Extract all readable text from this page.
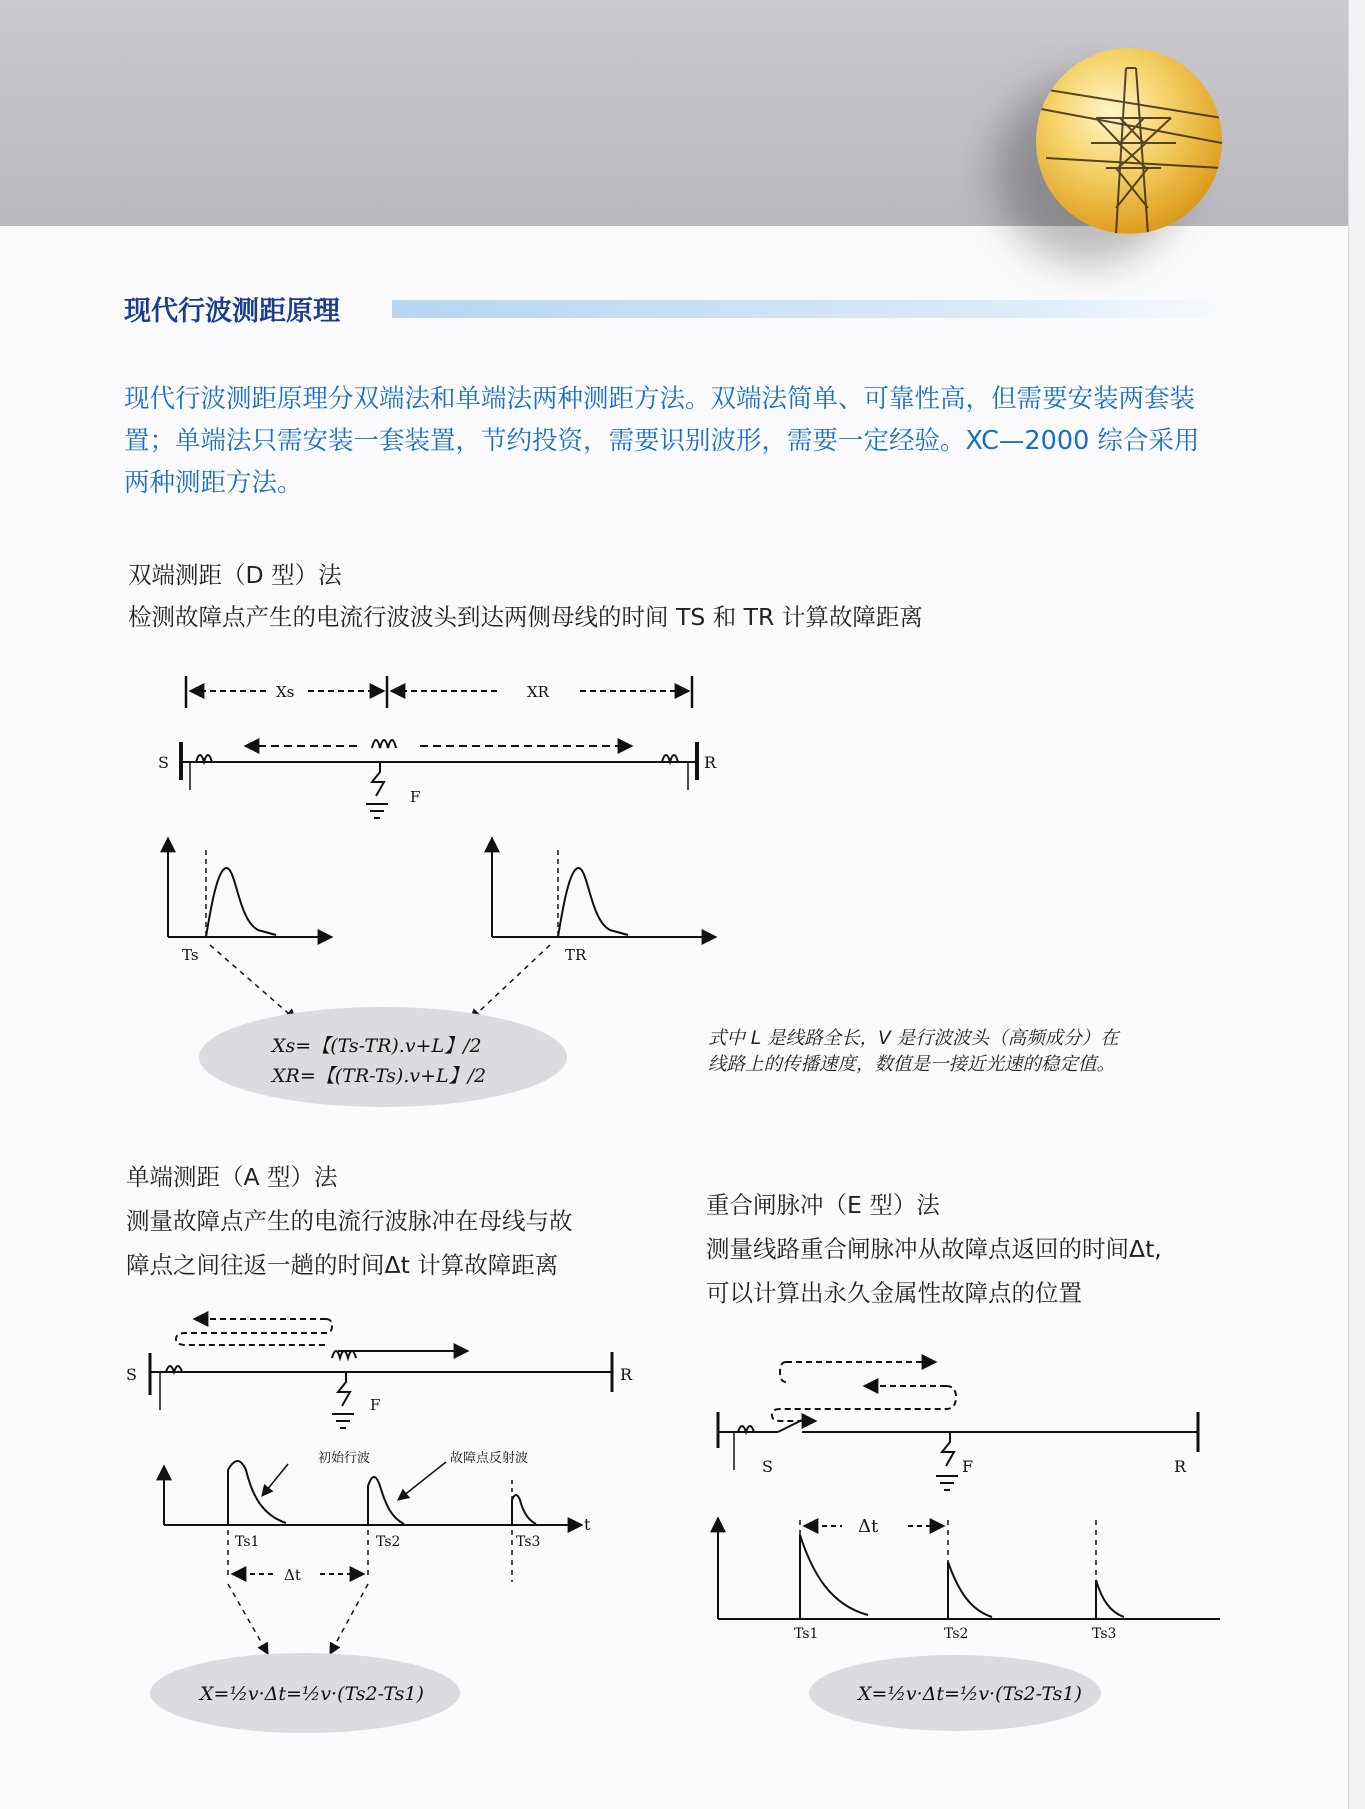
现代行波测距原理
现代行波测距原理分双端法和单端法两种测距方法。双端法简单、可靠性高，但需要安装两套装置；单端法只需安装一套装置，节约投资，需要识别波形，需要一定经验。XC—2000 综合采用两种测距方法。
双端测距（D 型）法
检测故障点产生的电流行波波头到达两侧母线的时间 TS 和 TR 计算故障距离
单端测距（A 型）法
测量故障点产生的电流行波脉冲在母线与故
障点之间往返一趟的时间Δt 计算故障距离
重合闸脉冲（E 型）法
测量线路重合闸脉冲从故障点返回的时间Δt,
可以计算出永久金属性故障点的位置
式中 L 是线路全长，V 是行波波头（高频成分）在线路上的传播速度，数值是一接近光速的稳定值。
Xs	XR
S	R
F
Ts	TR
Xs=【(Ts-TR).v+L】/2
XR=【(TR-Ts).v+L】/2
S	R
F
初始行波	故障点反射波
t
Ts1	Ts2	Ts3
Δt
X=½v·Δt=½v·(Ts2-Ts1)
S	R
F
Δt
Ts1	Ts2	Ts3
X=½v·Δt=½v·(Ts2-Ts1)
